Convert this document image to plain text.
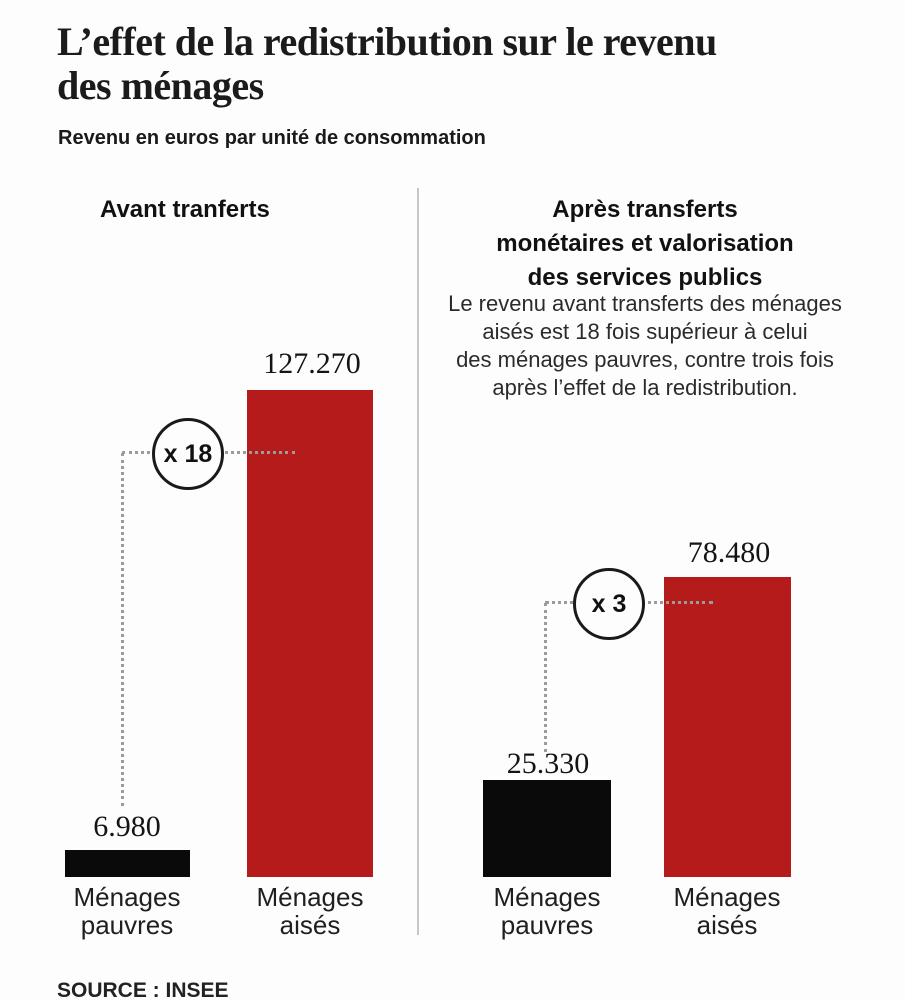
L’effet de la redistribution sur le revenu
des ménages
Revenu en euros par unité de consommation
Avant tranferts	Après transferts
monétaires et valorisation
des services publics
Le revenu avant transferts des ménages
aisés est 18 fois supérieur à celui
des ménages pauvres, contre trois fois
après l’effet de la redistribution.
6.980
127.270
25.330
78.480
x 18
x 3
Ménages
pauvres
Ménages
aisés
Ménages
pauvres
Ménages
aisés
SOURCE : INSEE
